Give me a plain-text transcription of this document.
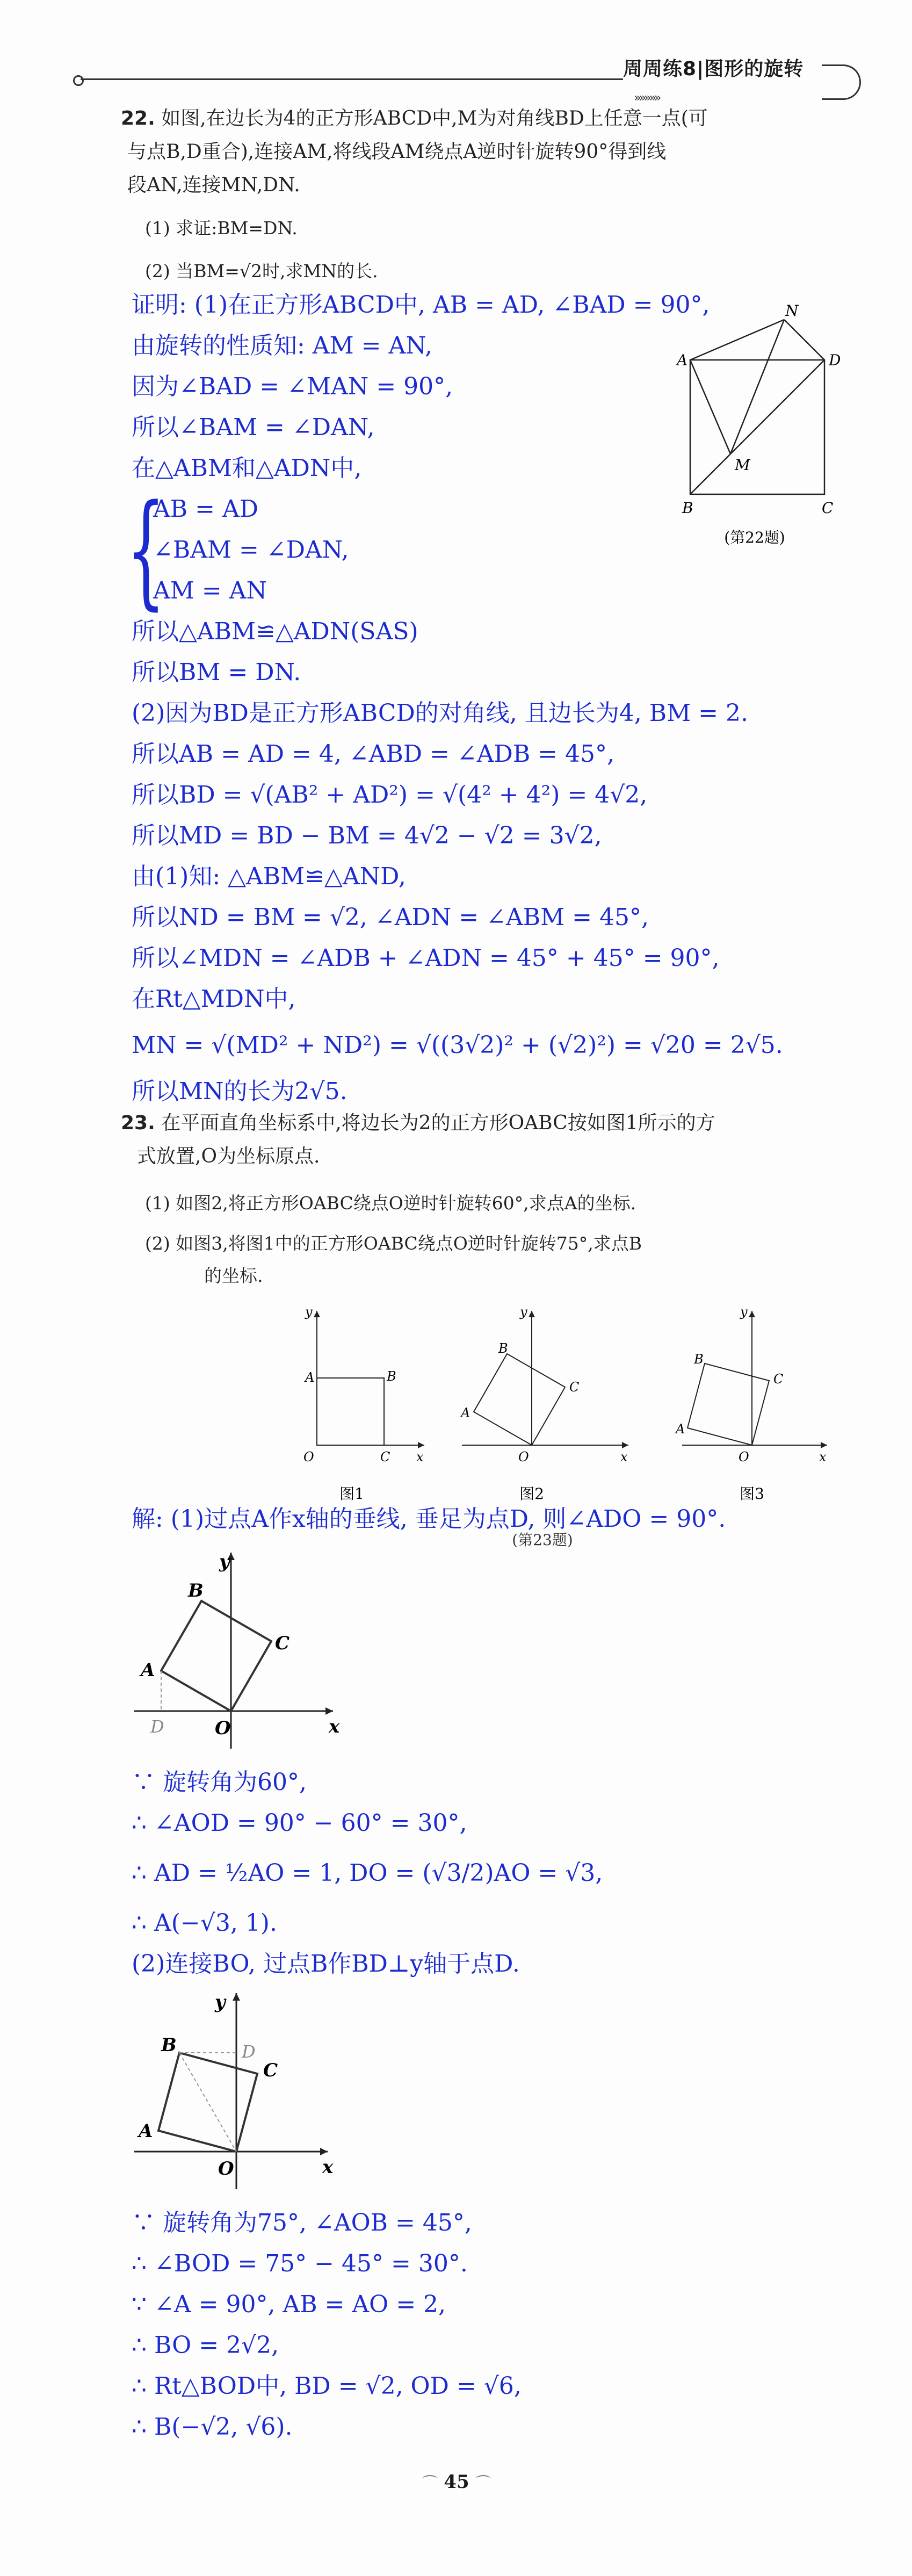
周周练8|图形的旋转
»»»»»
22. 如图,在边长为4的正方形ABCD中,M为对角线BD上任意一点(可
与点B,D重合),连接AM,将线段AM绕点A逆时针旋转90°得到线
段AN,连接MN,DN.
(1) 求证:BM=DN.
(2) 当BM=√2时,求MN的长.
A	D
B	C
M
N
(第22题)
证明: (1)在正方形ABCD中, AB = AD, ∠BAD = 90°,
由旋转的性质知: AM = AN,
因为∠BAD = ∠MAN = 90°,
所以∠BAM = ∠DAN,
在△ABM和△ADN中,
{
AB = AD
∠BAM = ∠DAN,
AM = AN
所以△ABM≌△ADN(SAS)
所以BM = DN.
(2)因为BD是正方形ABCD的对角线, 且边长为4, BM = 2.
所以AB = AD = 4, ∠ABD = ∠ADB = 45°,
所以BD = √(AB² + AD²) = √(4² + 4²) = 4√2,
所以MD = BD − BM = 4√2 − √2 = 3√2,
由(1)知: △ABM≌△AND,
所以ND = BM = √2, ∠ADN = ∠ABM = 45°,
所以∠MDN = ∠ADB + ∠ADN = 45° + 45° = 90°,
在Rt△MDN中,
MN = √(MD² + ND²) = √((3√2)² + (√2)²) = √20 = 2√5.
所以MN的长为2√5.
23. 在平面直角坐标系中,将边长为2的正方形OABC按如图1所示的方
式放置,O为坐标原点.
(1) 如图2,将正方形OABC绕点O逆时针旋转60°,求点A的坐标.
(2) 如图3,将图1中的正方形OABC绕点O逆时针旋转75°,求点B
的坐标.
y
x
O
A	B
C
图1
y
x
O
A
B
C
图2
y
x
O
A
B
C
图3
(第23题)
解: (1)过点A作x轴的垂线, 垂足为点D, 则∠ADO = 90°.
y
x
O
A
B
C
D
∵ 旋转角为60°,
∴ ∠AOD = 90° − 60° = 30°,
∴ AD = ½AO = 1, DO = (√3/2)AO = √3,
∴ A(−√3, 1).
(2)连接BO, 过点B作BD⊥y轴于点D.
y
x
O
A
B
C
D
∵ 旋转角为75°, ∠AOB = 45°,
∴ ∠BOD = 75° − 45° = 30°.
∵ ∠A = 90°, AB = AO = 2,
∴ BO = 2√2,
∴ Rt△BOD中, BD = √2, OD = √6,
∴ B(−√2, √6).
⌒ 45 ⌒
